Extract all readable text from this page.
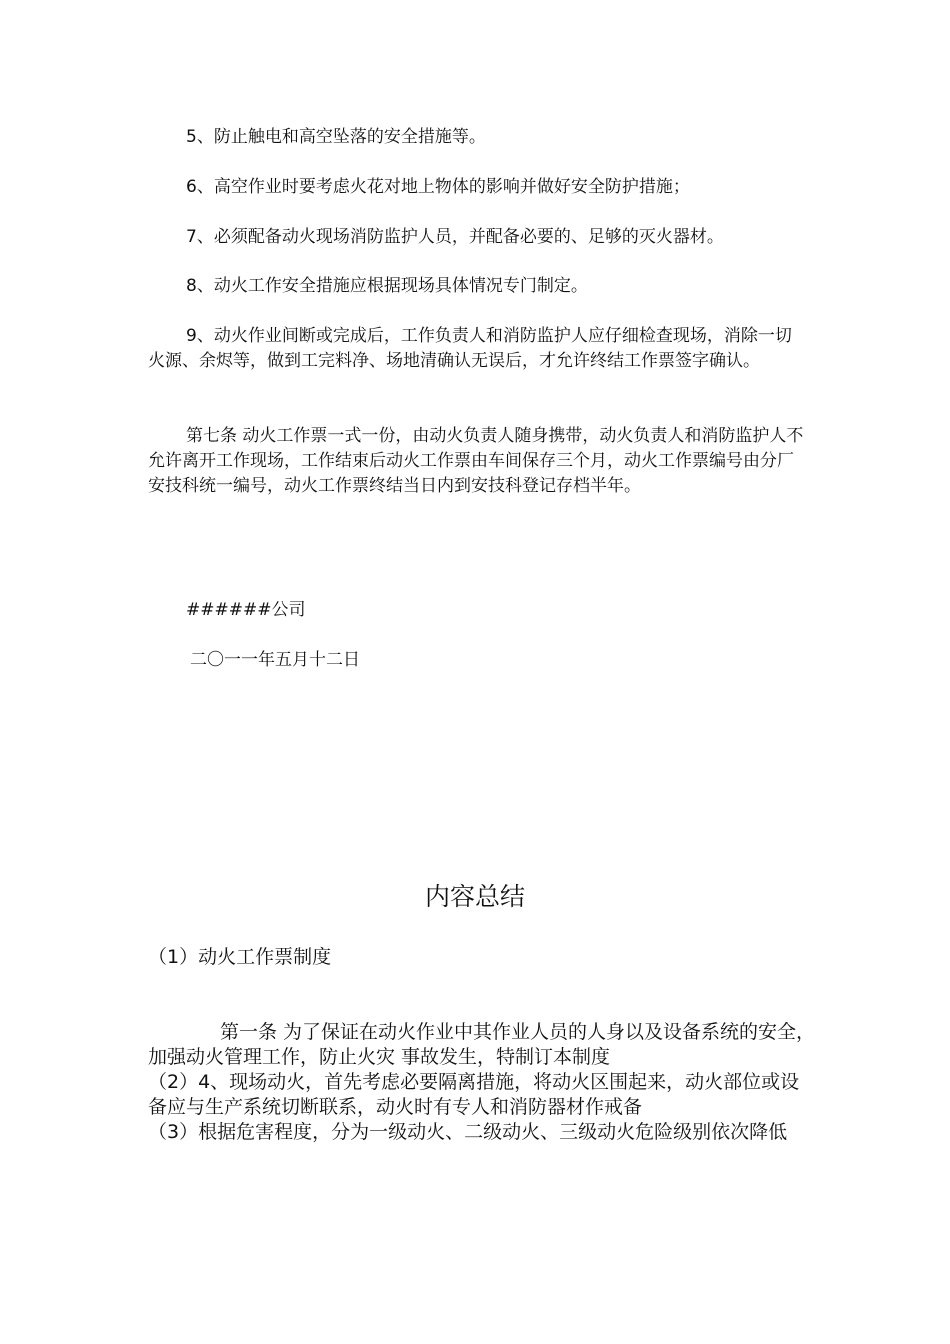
5、防止触电和高空坠落的安全措施等。

6、高空作业时要考虑火花对地上物体的影响并做好安全防护措施；

7、必须配备动火现场消防监护人员，并配备必要的、足够的灭火器材。

8、动火工作安全措施应根据现场具体情况专门制定。

9、动火作业间断或完成后，工作负责人和消防监护人应仔细检查现场，消除一切火源、余烬等，做到工完料净、场地清确认无误后，才允许终结工作票签字确认。

第七条 动火工作票一式一份，由动火负责人随身携带，动火负责人和消防监护人不允许离开工作现场，工作结束后动火工作票由车间保存三个月，动火工作票编号由分厂安技科统一编号，动火工作票终结当日内到安技科登记存档半年。

######公司

二〇一一年五月十二日

内容总结

（1）动火工作票制度

第一条 为了保证在动火作业中其作业人员的人身以及设备系统的安全，加强动火管理工作，防止火灾 事故发生，特制订本制度

（2）4、现场动火，首先考虑必要隔离措施，将动火区围起来，动火部位或设备应与生产系统切断联系，动火时有专人和消防器材作戒备

（3）根据危害程度，分为一级动火、二级动火、三级动火危险级别依次降低
